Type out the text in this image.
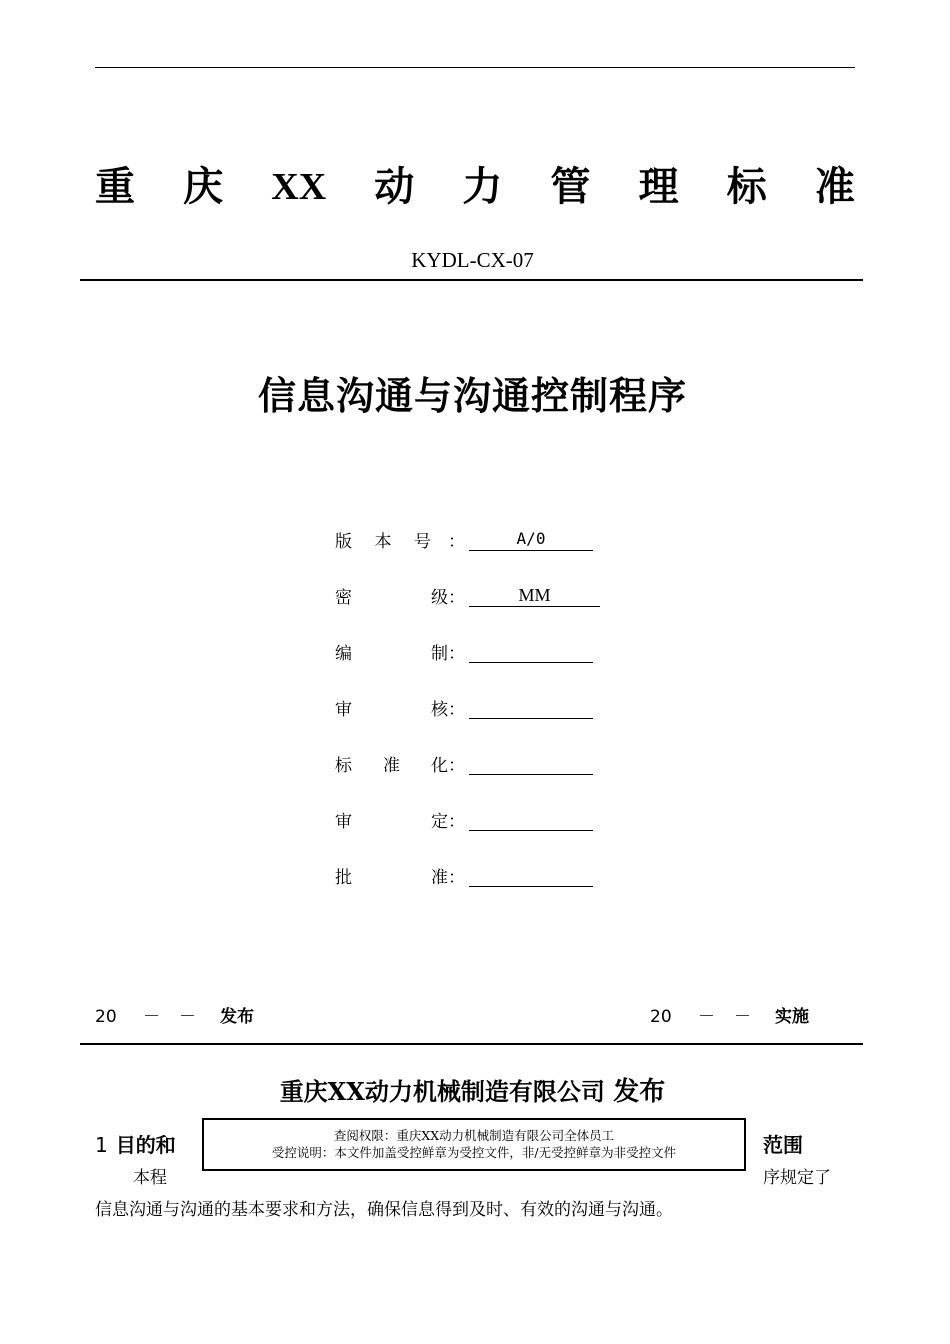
重 庆 XX 动 力 管 理 标 准
KYDL-CX-07
信息沟通与沟通控制程序
版 本 号 ：	A/0
密	级 ：	MM
编	制 ：
审	核 ：
标 准 化 ：
审	定 ：
批	准 ：
20 － － 发布	20 － － 实施
重庆XX动力机械制造有限公司 发布
1 目的和	范围
本程	序规定了
信息沟通与沟通的基本要求和方法，确保信息得到及时、有效的沟通与沟通。
查阅权限：重庆XX动力机械制造有限公司全体员工
受控说明：本文件加盖受控鲜章为受控文件，非/无受控鲜章为非受控文件
